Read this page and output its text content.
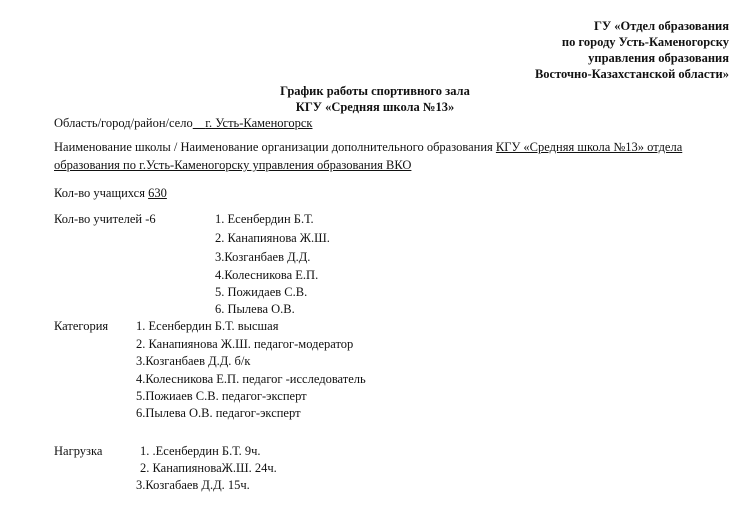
ГУ «Отдел образования
по городу Усть-Каменогорску
управления образования
Восточно-Казахстанской области»
График работы спортивного зала
КГУ «Средняя школа №13»
Область/город/район/село г. Усть-Каменогорск
Наименование школы / Наименование организации дополнительного образования КГУ «Средняя школа №13» отдела
образования по г.Усть-Каменогорску управления образования ВКО
Кол-во учащихся 630
Кол-во учителей -6	1. Есенбердин Б.Т.
2. Канапиянова Ж.Ш.
3.Козганбаев Д.Д.
4.Колесникова Е.П.
5. Пожидаев С.В.
6. Пылева О.В.
Категория 1. Есенбердин Б.Т. высшая
2. Канапиянова Ж.Ш. педагог-модератор
3.Козганбаев Д.Д. б/к
4.Колесникова Е.П. педагог -исследователь
5.Пожиаев С.В. педагог-эксперт
6.Пылева О.В. педагог-эксперт
Нагрузка	1. .Есенбердин Б.Т. 9ч.
2. КанапияноваЖ.Ш. 24ч.
3.Козгабаев Д.Д. 15ч.
